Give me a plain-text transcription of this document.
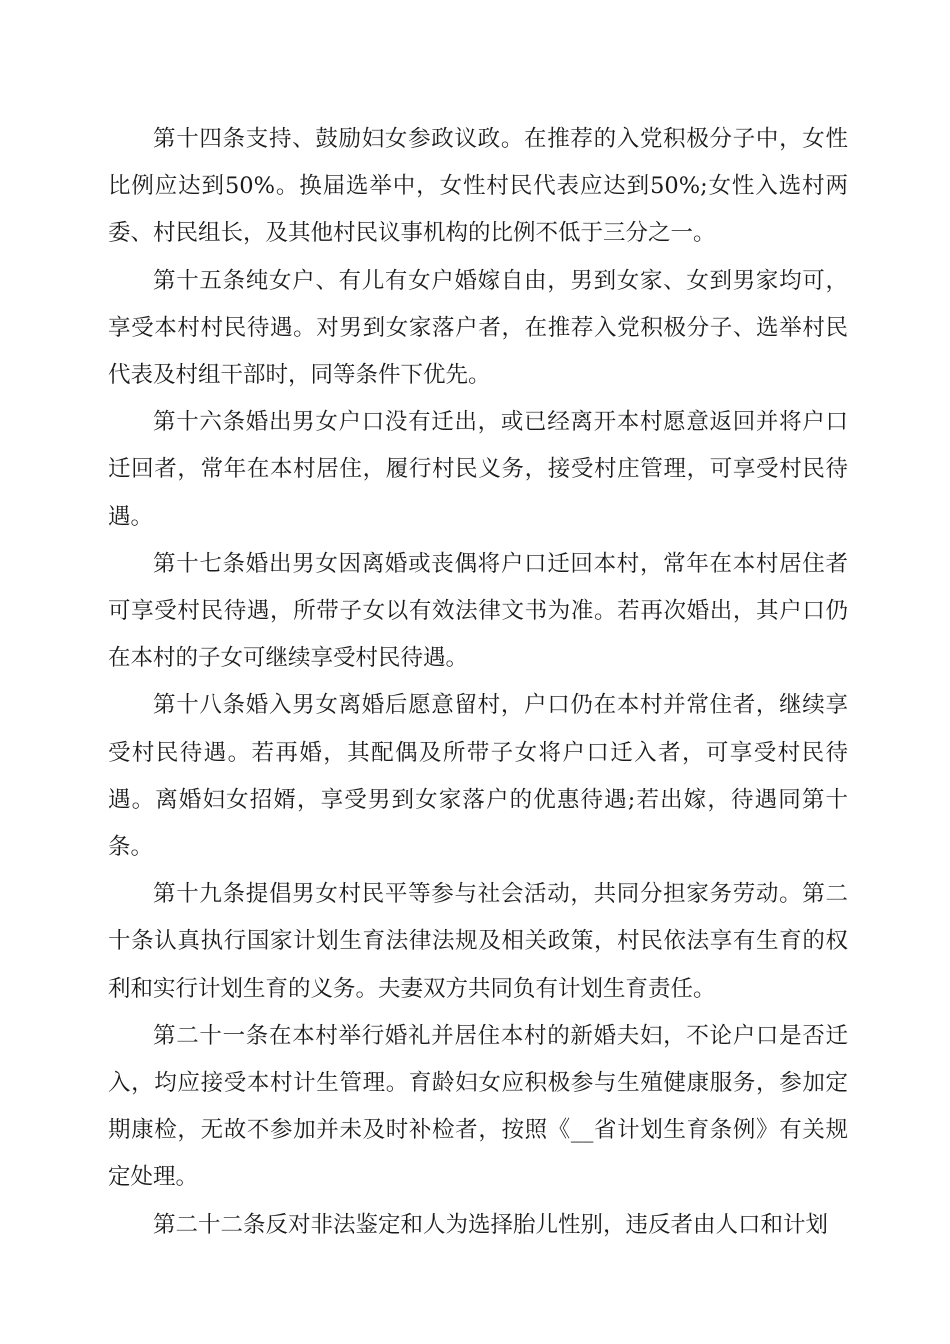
第十四条支持、鼓励妇女参政议政。在推荐的入党积极分子中，女性比例应达到50%。换届选举中，女性村民代表应达到50%;女性入选村两委、村民组长，及其他村民议事机构的比例不低于三分之一。

第十五条纯女户、有儿有女户婚嫁自由，男到女家、女到男家均可，享受本村村民待遇。对男到女家落户者，在推荐入党积极分子、选举村民代表及村组干部时，同等条件下优先。

第十六条婚出男女户口没有迁出，或已经离开本村愿意返回并将户口迁回者，常年在本村居住，履行村民义务，接受村庄管理，可享受村民待遇。

第十七条婚出男女因离婚或丧偶将户口迁回本村，常年在本村居住者可享受村民待遇，所带子女以有效法律文书为准。若再次婚出，其户口仍在本村的子女可继续享受村民待遇。

第十八条婚入男女离婚后愿意留村，户口仍在本村并常住者，继续享受村民待遇。若再婚，其配偶及所带子女将户口迁入者，可享受村民待遇。离婚妇女招婿，享受男到女家落户的优惠待遇;若出嫁，待遇同第十条。

第十九条提倡男女村民平等参与社会活动，共同分担家务劳动。第二十条认真执行国家计划生育法律法规及相关政策，村民依法享有生育的权利和实行计划生育的义务。夫妻双方共同负有计划生育责任。

第二十一条在本村举行婚礼并居住本村的新婚夫妇，不论户口是否迁入，均应接受本村计生管理。育龄妇女应积极参与生殖健康服务，参加定期康检，无故不参加并未及时补检者，按照《__省计划生育条例》有关规定处理。

第二十二条反对非法鉴定和人为选择胎儿性别，违反者由人口和计划
